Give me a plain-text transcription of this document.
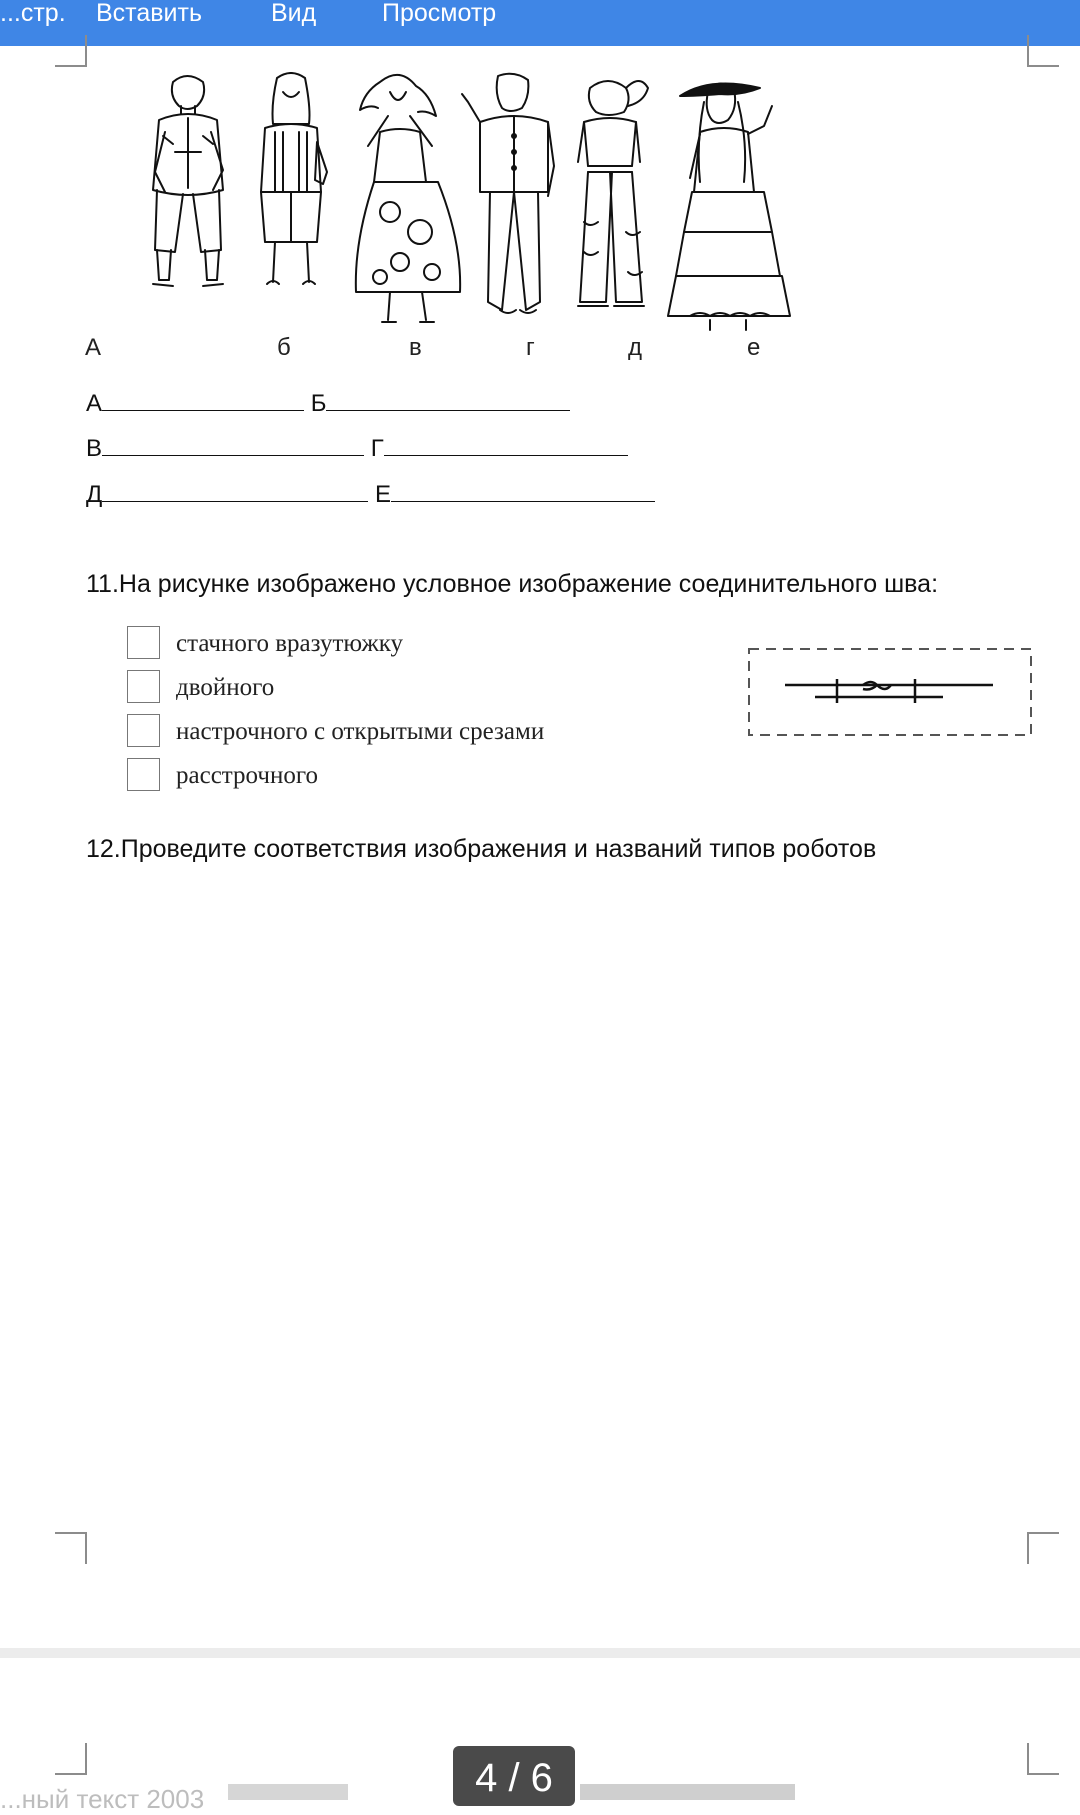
...стр. Вставить	Вид	Просмотр
А	б	в	г	д	е
А	Б
В	Г
Д	Е
11.На рисунке изображено условное изображение соединительного шва:
стачного вразутюжку
двойного
настрочного с открытыми срезами
расстрочного
12.Проведите соответствия изображения и названий типов роботов
...ный текст 2003	4 / 6
